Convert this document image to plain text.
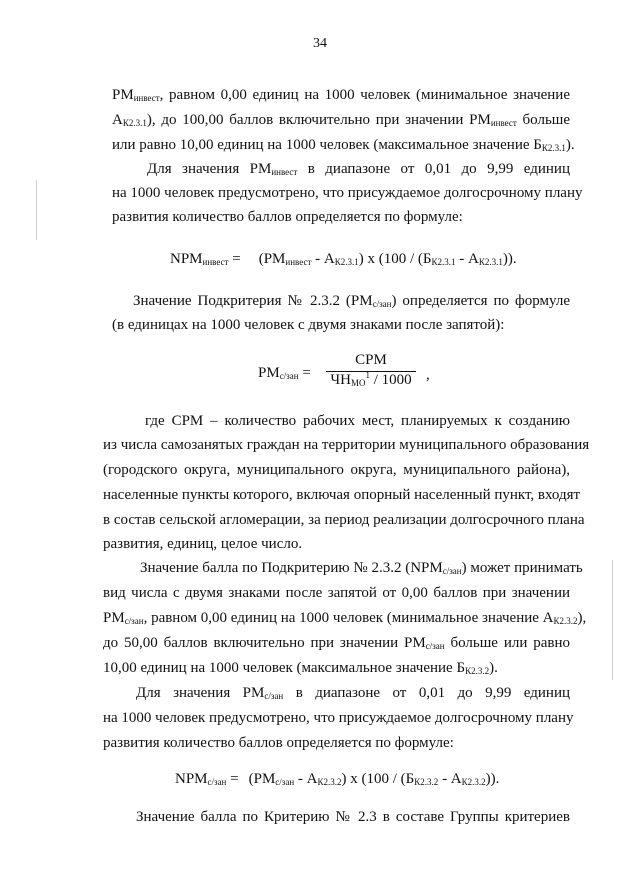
34
$РМ_{инвест}$, равном 0,00 единиц на 1000 человек (минимальное значение
$А_{К2.3.1}$), до 100,00 баллов включительно при значении $РМ_{инвест}$ больше
или равно 10,00 единиц на 1000 человек (максимальное значение $Б_{К2.3.1}$).
Для значения $РМ_{инвест}$ в диапазоне от 0,01 до 9,99 единиц
на 1000 человек предусмотрено, что присуждаемое долгосрочному плану
развития количество баллов определяется по формуле:
$NPM_{инвест} = (PM_{инвест} - А_{К2.3.1})$ х $(100 / (Б_{К2.3.1} - А_{К2.3.1}))$.
Значение Подкритерия № 2.3.2 $(РМ_{с/зан})$ определяется по формуле
(в единицах на 1000 человек с двумя знаками после запятой):
$РМ_{с/зан}$ =
СРМ
$ЧН_{МО}^1 / 1000$ ,
где СРМ – количество рабочих мест, планируемых к созданию
из числа самозанятых граждан на территории муниципального образования
(городского округа, муниципального округа, муниципального района),
населенные пункты которого, включая опорный населенный пункт, входят
в состав сельской агломерации, за период реализации долгосрочного плана
развития, единиц, целое число.
Значение балла по Подкритерию № 2.3.2 $(NPM_{с/зан})$ может принимать
вид числа с двумя знаками после запятой от 0,00 баллов при значении
$РМ_{с/зан}$, равном 0,00 единиц на 1000 человек (минимальное значение $А_{К2.3.2}$),
до 50,00 баллов включительно при значении $РМ_{с/зан}$ больше или равно
10,00 единиц на 1000 человек (максимальное значение $Б_{К2.3.2}$).
Для значения $РМ_{с/зан}$ в диапазоне от 0,01 до 9,99 единиц
на 1000 человек предусмотрено, что присуждаемое долгосрочному плану
развития количество баллов определяется по формуле:
$NPM_{с/зан} = (PM_{с/зан} - А_{К2.3.2})$ х $(100 / (Б_{К2.3.2} - А_{К2.3.2}))$.
Значение балла по Критерию № 2.3 в составе Группы критериев
